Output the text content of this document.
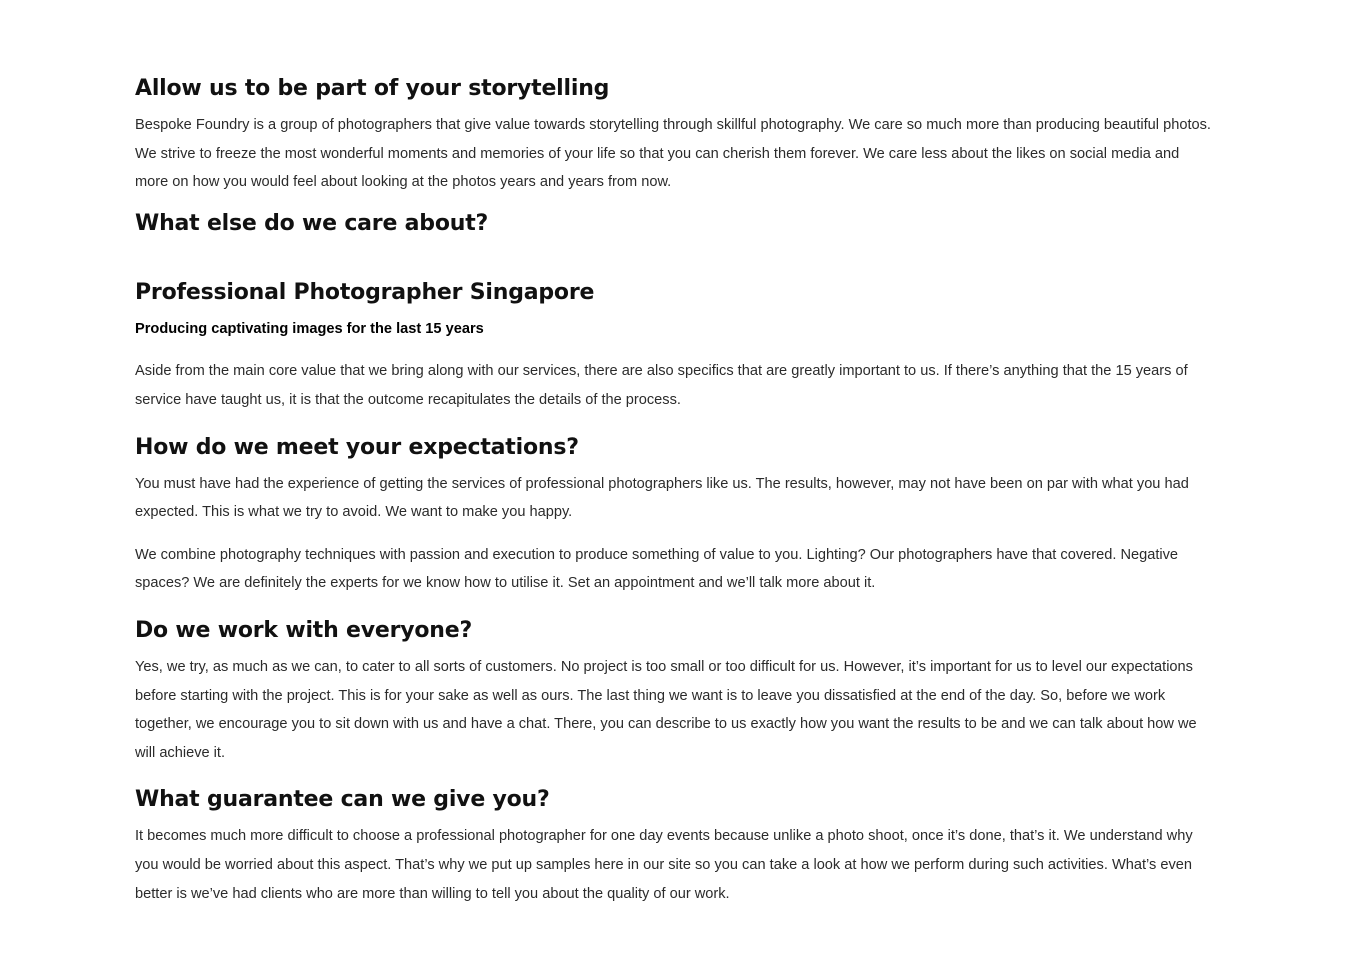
Allow us to be part of your storytelling

Bespoke Foundry is a group of photographers that give value towards storytelling through skillful photography. We care so much more than producing beautiful photos. We strive to freeze the most wonderful moments and memories of your life so that you can cherish them forever. We care less about the likes on social media and more on how you would feel about looking at the photos years and years from now.

What else do we care about?
Professional Photographer Singapore

Producing captivating images for the last 15 years

Aside from the main core value that we bring along with our services, there are also specifics that are greatly important to us. If there’s anything that the 15 years of service have taught us, it is that the outcome recapitulates the details of the process.

How do we meet your expectations?

You must have had the experience of getting the services of professional photographers like us. The results, however, may not have been on par with what you had expected. This is what we try to avoid. We want to make you happy.

We combine photography techniques with passion and execution to produce something of value to you. Lighting? Our photographers have that covered. Negative spaces? We are definitely the experts for we know how to utilise it. Set an appointment and we’ll talk more about it.

Do we work with everyone?

Yes, we try, as much as we can, to cater to all sorts of customers. No project is too small or too difficult for us. However, it’s important for us to level our expectations before starting with the project. This is for your sake as well as ours. The last thing we want is to leave you dissatisfied at the end of the day. So, before we work together, we encourage you to sit down with us and have a chat. There, you can describe to us exactly how you want the results to be and we can talk about how we will achieve it.

What guarantee can we give you?

It becomes much more difficult to choose a professional photographer for one day events because unlike a photo shoot, once it’s done, that’s it. We understand why you would be worried about this aspect. That’s why we put up samples here in our site so you can take a look at how we perform during such activities. What’s even better is we’ve had clients who are more than willing to tell you about the quality of our work.
